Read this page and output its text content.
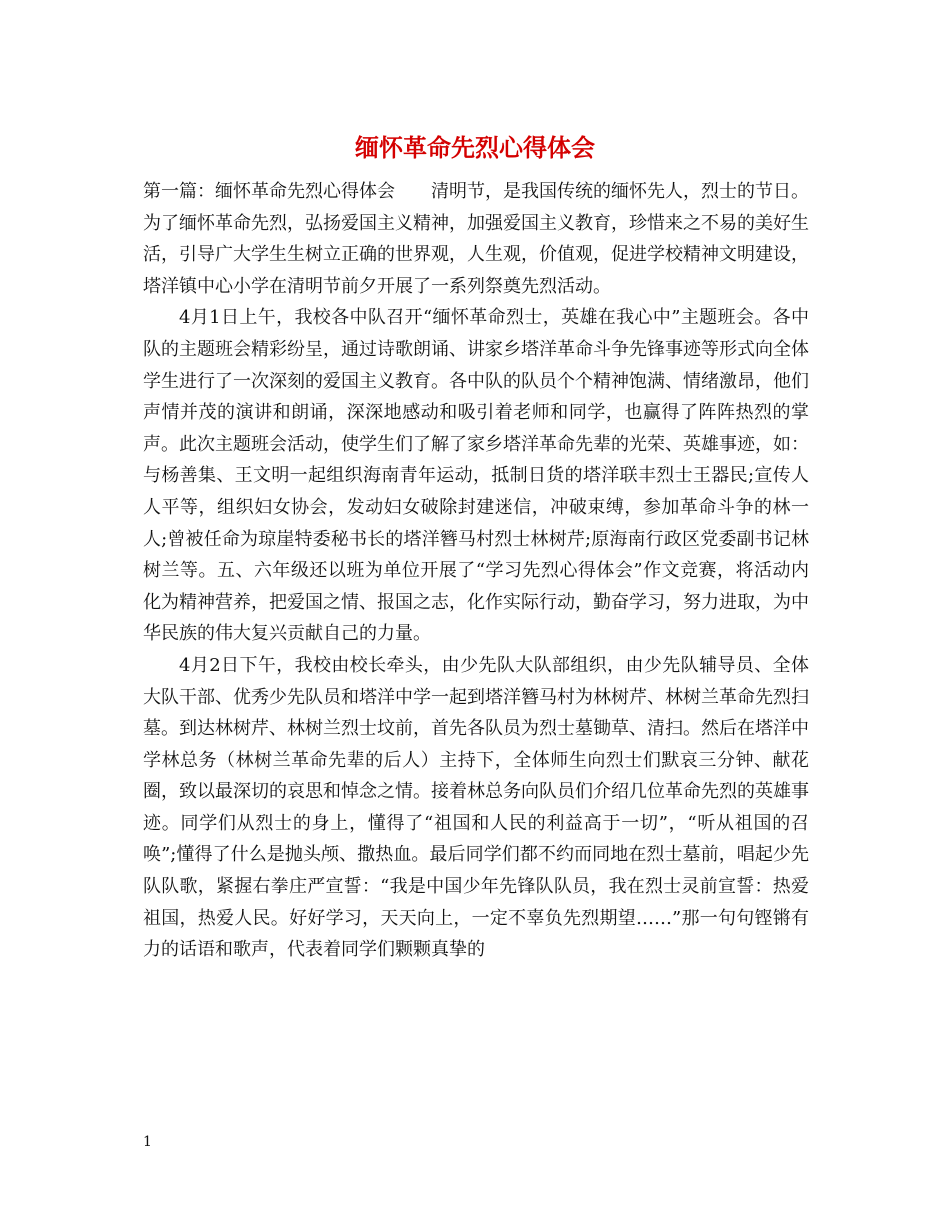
缅怀革命先烈心得体会

第一篇：缅怀革命先烈心得体会　　清明节，是我国传统的缅怀先人，烈士的节日。为了缅怀革命先烈，弘扬爱国主义精神，加强爱国主义教育，珍惜来之不易的美好生活，引导广大学生生树立正确的世界观，人生观，价值观，促进学校精神文明建设，塔洋镇中心小学在清明节前夕开展了一系列祭奠先烈活动。

4月1日上午，我校各中队召开“缅怀革命烈士，英雄在我心中”主题班会。各中队的主题班会精彩纷呈，通过诗歌朗诵、讲家乡塔洋革命斗争先锋事迹等形式向全体学生进行了一次深刻的爱国主义教育。各中队的队员个个精神饱满、情绪激昂，他们声情并茂的演讲和朗诵，深深地感动和吸引着老师和同学，也赢得了阵阵热烈的掌声。此次主题班会活动，使学生们了解了家乡塔洋革命先辈的光荣、英雄事迹，如：与杨善集、王文明一起组织海南青年运动，抵制日货的塔洋联丰烈士王器民;宣传人人平等，组织妇女协会，发动妇女破除封建迷信，冲破束缚，参加革命斗争的林一人;曾被任命为琼崖特委秘书长的塔洋簪马村烈士林树芹;原海南行政区党委副书记林树兰等。五、六年级还以班为单位开展了“学习先烈心得体会”作文竞赛，将活动内化为精神营养，把爱国之情、报国之志，化作实际行动，勤奋学习，努力进取，为中华民族的伟大复兴贡献自己的力量。

4月2日下午，我校由校长牵头，由少先队大队部组织，由少先队辅导员、全体大队干部、优秀少先队员和塔洋中学一起到塔洋簪马村为林树芹、林树兰革命先烈扫墓。到达林树芹、林树兰烈士坟前，首先各队员为烈士墓锄草、清扫。然后在塔洋中学林总务（林树兰革命先辈的后人）主持下，全体师生向烈士们默哀三分钟、献花圈，致以最深切的哀思和悼念之情。接着林总务向队员们介绍几位革命先烈的英雄事迹。同学们从烈士的身上，懂得了“祖国和人民的利益高于一切”，“听从祖国的召唤”;懂得了什么是抛头颅、撒热血。最后同学们都不约而同地在烈士墓前，唱起少先队队歌，紧握右拳庄严宣誓：“我是中国少年先锋队队员，我在烈士灵前宣誓：热爱祖国，热爱人民。好好学习，天天向上，一定不辜负先烈期望……”那一句句铿锵有力的话语和歌声，代表着同学们颗颗真挚的

1
